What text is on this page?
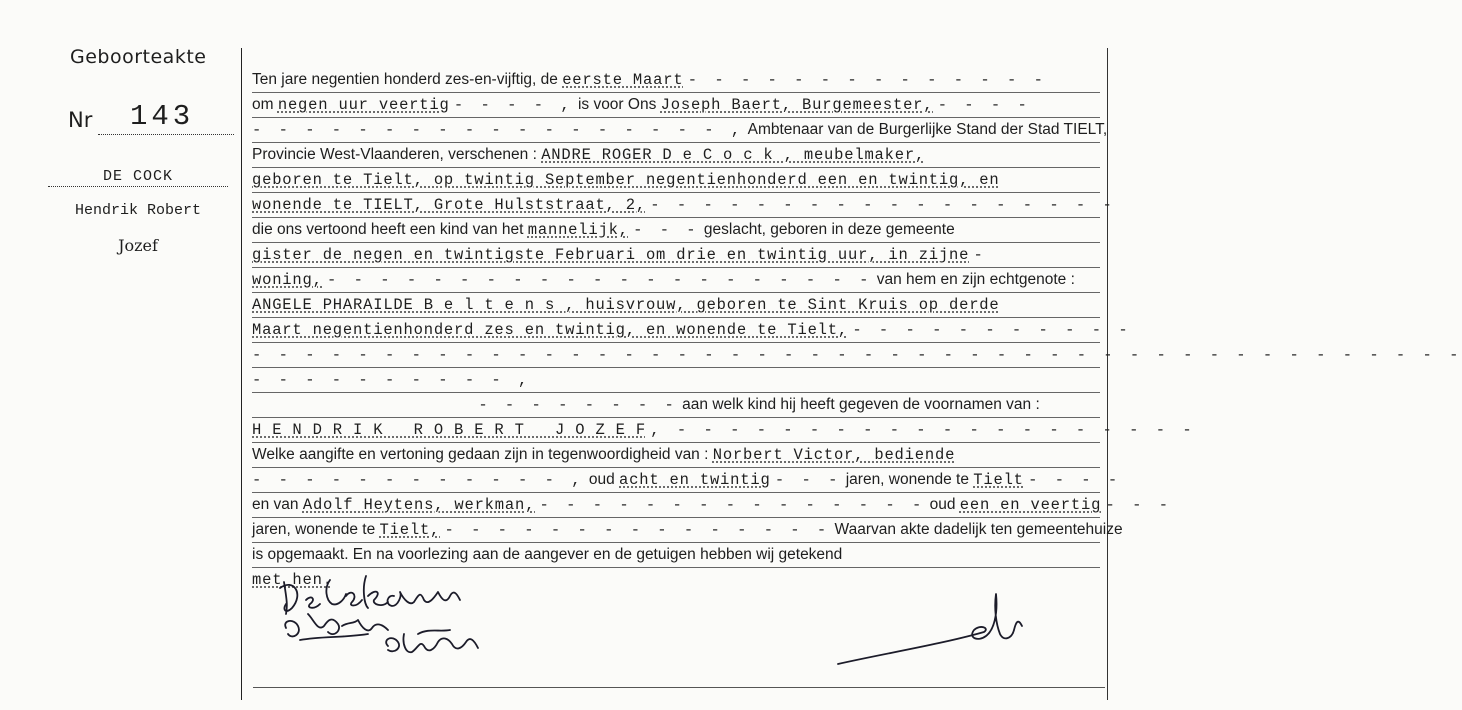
Geboorteakte
Nr	143
DE COCK
Hendrik Robert
Jozef
Ten jare negentien honderd zes-en-vijftig, de eerste Maart - - - - - - - - - - - - - -
om negen uur veertig - - - - , is voor Ons Joseph Baert, Burgemeester, - - - -
- - - - - - - - - - - - - - - - - - , Ambtenaar van de Burgerlijke Stand der Stad TIELT,
Provincie West-Vlaanderen, verschenen : ANDRE ROGER D e C o c k , meubelmaker,
geboren te Tielt, op twintig September negentienhonderd een en twintig, en
wonende te TIELT, Grote Hulststraat, 2, - - - - - - - - - - - - - - - - - -
die ons vertoond heeft een kind van het mannelijk, - - - geslacht, geboren in deze gemeente
gister de negen en twintigste Februari om drie en twintig uur, in zijne -
woning, - - - - - - - - - - - - - - - - - - - - - van hem en zijn echtgenote :
ANGELE PHARAILDE B e l t e n s , huisvrouw, geboren te Sint Kruis op derde
Maart negentienhonderd zes en twintig, en wonende te Tielt, - - - - - - - - - - -
- - - - - - - - - - - - - - - - - - - - - - - - - - - - - - - - - - - - - - - - - - - - - -
- - - - - - - - - - ,
- - - - - - - - aan welk kind hij heeft gegeven de voornamen van :
H E N D R I K   R O B E R T   J O Z E F , - - - - - - - - - - - - - - - - - - - -
Welke aangifte en vertoning gedaan zijn in tegenwoordigheid van : Norbert Victor, bediende
- - - - - - - - - - - - , oud acht en twintig - - - jaren, wonende te Tielt - - - -
en van Adolf Heytens, werkman, - - - - - - - - - - - - - - - oud een en veertig - - -
jaren, wonende te Tielt, - - - - - - - - - - - - - - - Waarvan akte dadelijk ten gemeentehuize
is opgemaakt. En na voorlezing aan de aangever en de getuigen hebben wij getekend
met hen.
